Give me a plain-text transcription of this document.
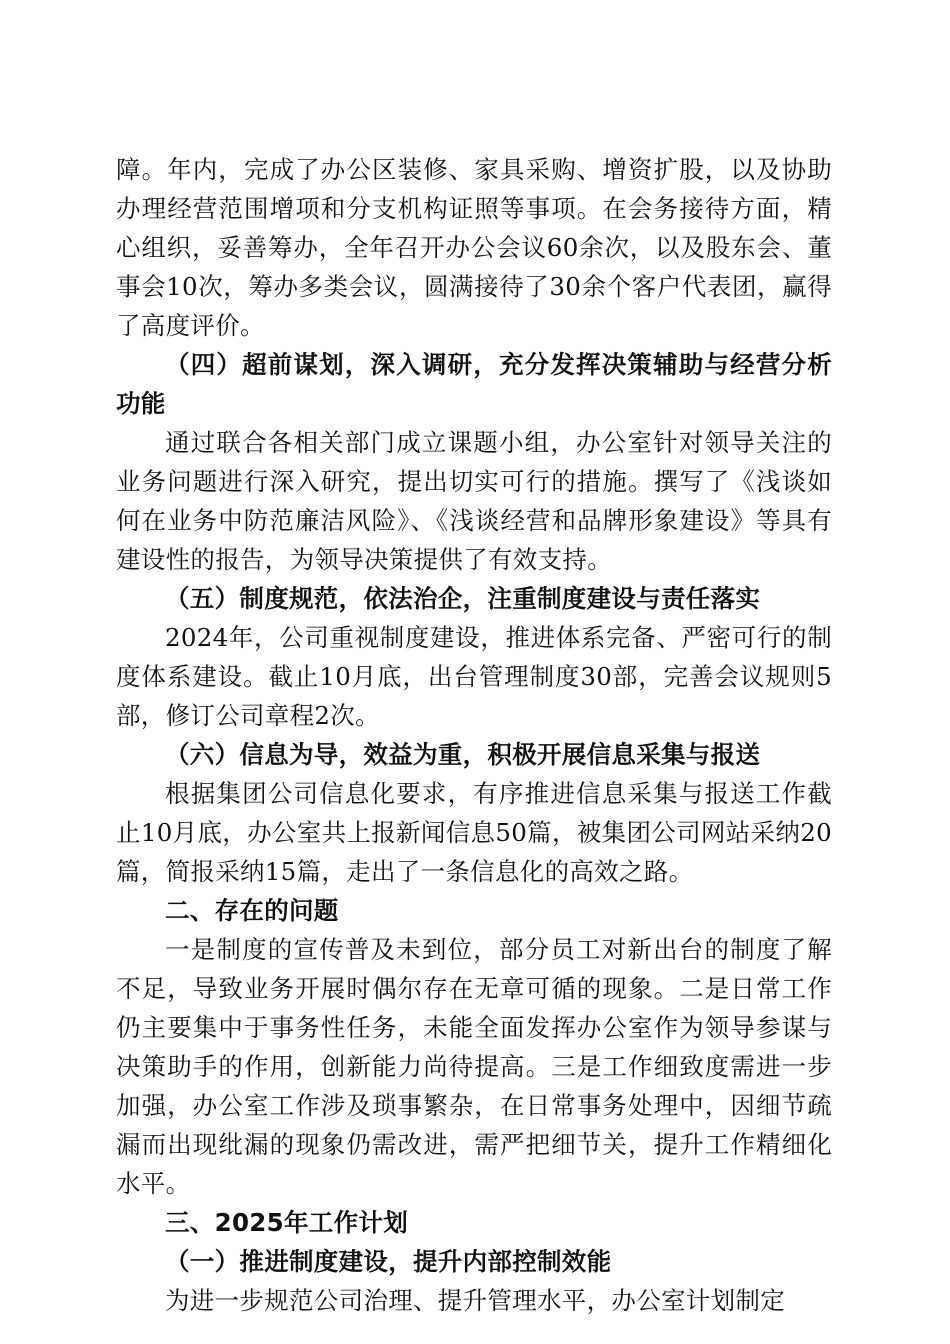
障。年内，完成了办公区装修、家具采购、增资扩股，以及协助办理经营范围增项和分支机构证照等事项。在会务接待方面，精心组织，妥善筹办，全年召开办公会议60余次，以及股东会、董事会10次，筹办多类会议，圆满接待了30余个客户代表团，赢得了高度评价。

（四）超前谋划，深入调研，充分发挥决策辅助与经营分析功能

通过联合各相关部门成立课题小组，办公室针对领导关注的业务问题进行深入研究，提出切实可行的措施。撰写了《浅谈如何在业务中防范廉洁风险》、《浅谈经营和品牌形象建设》等具有建设性的报告，为领导决策提供了有效支持。

（五）制度规范，依法治企，注重制度建设与责任落实

2024年，公司重视制度建设，推进体系完备、严密可行的制度体系建设。截止10月底，出台管理制度30部，完善会议规则5部，修订公司章程2次。

（六）信息为导，效益为重，积极开展信息采集与报送

根据集团公司信息化要求，有序推进信息采集与报送工作截止10月底，办公室共上报新闻信息50篇，被集团公司网站采纳20篇，简报采纳15篇，走出了一条信息化的高效之路。

二、存在的问题

一是制度的宣传普及未到位，部分员工对新出台的制度了解不足，导致业务开展时偶尔存在无章可循的现象。二是日常工作仍主要集中于事务性任务，未能全面发挥办公室作为领导参谋与决策助手的作用，创新能力尚待提高。三是工作细致度需进一步加强，办公室工作涉及琐事繁杂，在日常事务处理中，因细节疏漏而出现纰漏的现象仍需改进，需严把细节关，提升工作精细化水平。

三、2025年工作计划

（一）推进制度建设，提升内部控制效能

为进一步规范公司治理、提升管理水平，办公室计划制定
